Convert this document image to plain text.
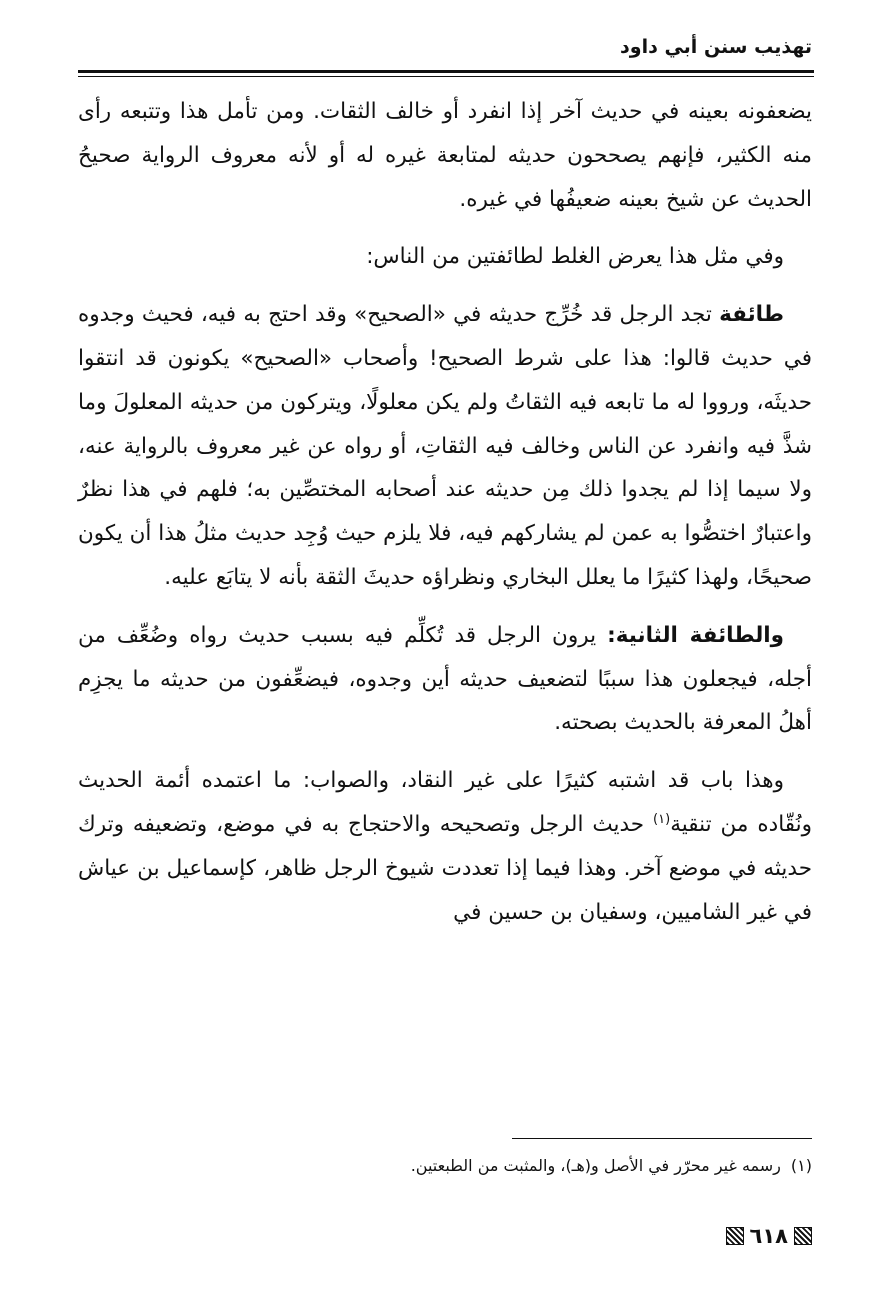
تهذيب سنن أبي داود

يضعفونه بعينه في حديث آخر إذا انفرد أو خالف الثقات. ومن تأمل هذا وتتبعه رأى منه الكثير، فإنهم يصححون حديثه لمتابعة غيره له أو لأنه معروف الرواية صحيحُ الحديث عن شيخ بعينه ضعيفُها في غيره.

وفي مثل هذا يعرض الغلط لطائفتين من الناس:

طائفة تجد الرجل قد خُرِّج حديثه في «الصحيح» وقد احتج به فيه، فحيث وجدوه في حديث قالوا: هذا على شرط الصحيح! وأصحاب «الصحيح» يكونون قد انتقوا حديثَه، ورووا له ما تابعه فيه الثقاتُ ولم يكن معلولًا، ويتركون من حديثه المعلولَ وما شذَّ فيه وانفرد عن الناس وخالف فيه الثقاتِ، أو رواه عن غير معروف بالرواية عنه، ولا سيما إذا لم يجدوا ذلك مِن حديثه عند أصحابه المختصِّين به؛ فلهم في هذا نظرٌ واعتبارٌ اختصُّوا به عمن لم يشاركهم فيه، فلا يلزم حيث وُجِد حديث مثلُ هذا أن يكون صحيحًا، ولهذا كثيرًا ما يعلل البخاري ونظراؤه حديثَ الثقة بأنه لا يتابَع عليه.

والطائفة الثانية: يرون الرجل قد تُكلِّم فيه بسبب حديث رواه وضُعِّف من أجله، فيجعلون هذا سببًا لتضعيف حديثه أين وجدوه، فيضعِّفون من حديثه ما يجزِم أهلُ المعرفة بالحديث بصحته.

وهذا باب قد اشتبه كثيرًا على غير النقاد، والصواب: ما اعتمده أئمة الحديث ونُقّاده من تنقية$^{(١)}$ حديث الرجل وتصحيحه والاحتجاج به في موضع، وتضعيفه وترك حديثه في موضع آخر. وهذا فيما إذا تعددت شيوخ الرجل ظاهر، كإسماعيل بن عياش في غير الشاميين، وسفيان بن حسين في

(١)رسمه غير محرّر في الأصل و(هـ)، والمثبت من الطبعتين.
٦١٨
